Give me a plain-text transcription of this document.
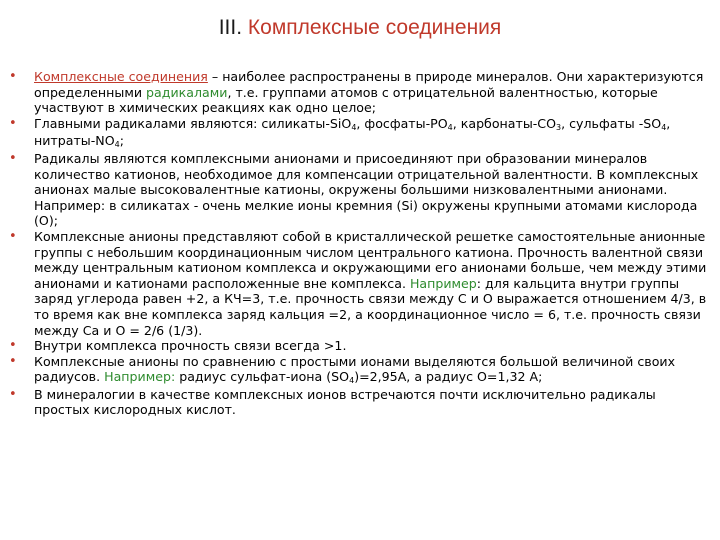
III. Комплексные соединения

• Комплексные соединения – наиболее распространены в природе минералов. Они характеризуются определенными радикалами, т.е. группами атомов с отрицательной валентностью, которые участвуют в химических реакциях как одно целое;

• Главными радикалами являются: силикаты-SiO$_4$, фосфаты-$PO_4$, карбонаты-$CO_3$, сульфаты $-SO_4$, нитраты-$NO_4$;

• Радикалы являются комплексными анионами и присоединяют при образовании минералов количество катионов, необходимое для компенсации отрицательной валентности. В комплексных анионах малые высоковалентные катионы, окружены большими низковалентными анионами. Например: в силикатах - очень мелкие ионы кремния (Si) окружены крупными атомами кислорода (O);

• Комплексные анионы представляют собой в кристаллической решетке самостоятельные анионные группы с небольшим координационным числом центрального катиона. Прочность валентной связи между центральным катионом комплекса и окружающими его анионами больше, чем между этими анионами и катионами расположенные вне комплекса. Например: для кальцита внутри группы заряд углерода равен +2, а КЧ=3, т.е. прочность связи между С и О выражается отношением 4/3, в то время как вне комплекса заряд кальция =2, а координационное число = 6, т.е. прочность связи между Са и О = 2/6 (1/3).

• Внутри комплекса прочность связи всегда >1.

• Комплексные анионы по сравнению с простыми ионами выделяются большой величиной своих радиусов. Например: радиус сульфат-иона $(SO_4)=2,95А$, а радиус O=1,32 А;

• В минералогии в качестве комплексных ионов встречаются почти исключительно радикалы простых кислородных кислот.
